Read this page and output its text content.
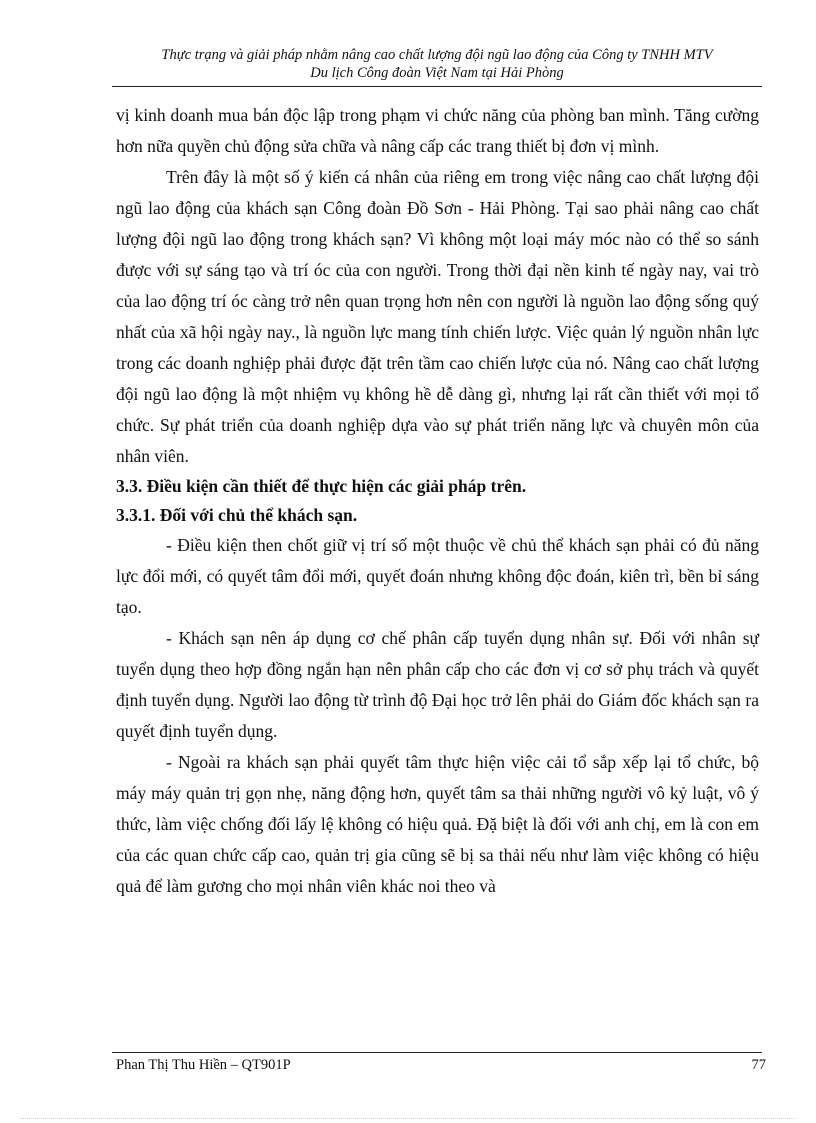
Thực trạng và giải pháp nhằm nâng cao chất lượng đội ngũ lao động của Công ty TNHH MTV
Du lịch Công đoàn Việt Nam tại Hải Phòng

vị kinh doanh mua bán độc lập trong phạm vi chức năng của phòng ban mình. Tăng cường hơn nữa quyền chủ động sửa chữa và nâng cấp các trang thiết bị đơn vị mình.

Trên đây là một số ý kiến cá nhân của riêng em trong việc nâng cao chất lượng đội ngũ lao động của khách sạn Công đoàn Đồ Sơn - Hải Phòng. Tại sao phải nâng cao chất lượng đội ngũ lao động trong khách sạn? Vì không một loại máy móc nào có thể so sánh được với sự sáng tạo và trí óc của con người. Trong thời đại nền kinh tế ngày nay, vai trò của lao động trí óc càng trở nên quan trọng hơn nên con người là nguồn lao động sống quý nhất của xã hội ngày nay., là nguồn lực mang tính chiến lược. Việc quản lý nguồn nhân lực trong các doanh nghiệp phải được đặt trên tầm cao chiến lược của nó. Nâng cao chất lượng đội ngũ lao động là một nhiệm vụ không hề dễ dàng gì, nhưng lại rất cần thiết với mọi tổ chức. Sự phát triển của doanh nghiệp dựa vào sự phát triển năng lực và chuyên môn của nhân viên.

3.3. Điều kiện cần thiết để thực hiện các giải pháp trên.

3.3.1. Đối với chủ thể khách sạn.

- Điều kiện then chốt giữ vị trí số một thuộc về chủ thể khách sạn phải có đủ năng lực đổi mới, có quyết tâm đổi mới, quyết đoán nhưng không độc đoán, kiên trì, bền bỉ sáng tạo.

- Khách sạn nên áp dụng cơ chế phân cấp tuyển dụng nhân sự. Đối với nhân sự tuyển dụng theo hợp đồng ngắn hạn nên phân cấp cho các đơn vị cơ sở phụ trách và quyết định tuyển dụng. Người lao động từ trình độ Đại học trở lên phải do Giám đốc khách sạn ra quyết định tuyển dụng.

- Ngoài ra khách sạn phải quyết tâm thực hiện việc cải tổ sắp xếp lại tổ chức, bộ máy máy quản trị gọn nhẹ, năng động hơn, quyết tâm sa thải những người vô kỷ luật, vô ý thức, làm việc chống đối lấy lệ không có hiệu quả. Đặ biệt là đối với anh chị, em là con em của các quan chức cấp cao, quản trị gia cũng sẽ bị sa thải nếu như làm việc không có hiệu quả để làm gương cho mọi nhân viên khác noi theo và

Phan Thị Thu Hiền – QT901P	77
